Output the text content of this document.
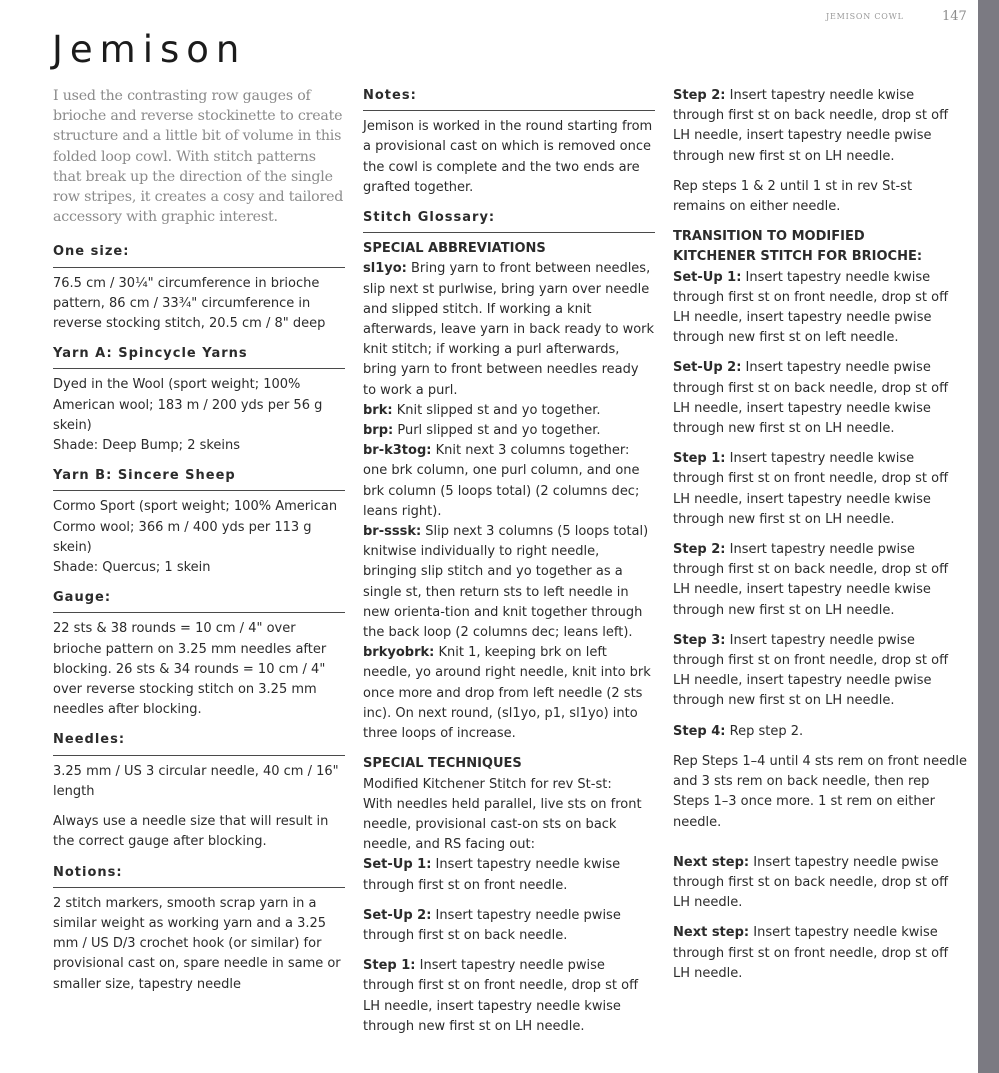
JEMISON COWL	147
Jemison

I used the contrasting row gauges of brioche and reverse stockinette to create structure and a little bit of volume in this folded loop cowl. With stitch patterns that break up the direction of the single row stripes, it creates a cosy and tailored accessory with graphic interest.

One size:

76.5 cm / 30¼" circumference in brioche pattern, 86 cm / 33¾" circumference in reverse stocking stitch, 20.5 cm / 8" deep

Yarn A: Spincycle Yarns

Dyed in the Wool (sport weight; 100% American wool; 183 m / 200 yds per 56 g skein)

Shade: Deep Bump; 2 skeins

Yarn B: Sincere Sheep

Cormo Sport (sport weight; 100% American Cormo wool; 366 m / 400 yds per 113 g skein)

Shade: Quercus; 1 skein

Gauge:

22 sts & 38 rounds = 10 cm / 4" over brioche pattern on 3.25 mm needles after blocking. 26 sts & 34 rounds = 10 cm / 4" over reverse stocking stitch on 3.25 mm needles after blocking.

Needles:

3.25 mm / US 3 circular needle, 40 cm / 16" length

Always use a needle size that will result in the correct gauge after blocking.

Notions:

2 stitch markers, smooth scrap yarn in a similar weight as working yarn and a 3.25 mm / US D/3 crochet hook (or similar) for provisional cast on, spare needle in same or smaller size, tapestry needle

Notes:

Jemison is worked in the round starting from a provisional cast on which is removed once the cowl is complete and the two ends are grafted together.

Stitch Glossary:
SPECIAL ABBREVIATIONS
sl1yo: Bring yarn to front between needles, slip next st purlwise, bring yarn over needle and slipped stitch. If working a knit afterwards, leave yarn in back ready to work knit stitch; if working a purl afterwards, bring yarn to front between needles ready to work a purl.
brk: Knit slipped st and yo together.
brp: Purl slipped st and yo together.
br-k3tog: Knit next 3 columns together: one brk column, one purl column, and one brk column (5 loops total) (2 columns dec; leans right).
br-sssk: Slip next 3 columns (5 loops total) knitwise individually to right needle, bringing slip stitch and yo together as a single st, then return sts to left needle in new orienta-tion and knit together through the back loop (2 columns dec; leans left).
brkyobrk: Knit 1, keeping brk on left needle, yo around right needle, knit into brk once more and drop from left needle (2 sts inc). On next round, (sl1yo, p1, sl1yo) into three loops of increase.
SPECIAL TECHNIQUES
Modified Kitchener Stitch for rev St-st:
With needles held parallel, live sts on front needle, provisional cast-on sts on back needle, and RS facing out:

Set-Up 1: Insert tapestry needle kwise through first st on front needle.

Set-Up 2: Insert tapestry needle pwise through first st on back needle.

Step 1: Insert tapestry needle pwise through first st on front needle, drop st off LH needle, insert tapestry needle kwise through new first st on LH needle.

Step 2: Insert tapestry needle kwise through first st on back needle, drop st off LH needle, insert tapestry needle pwise through new first st on LH needle.

Rep steps 1 & 2 until 1 st in rev St-st remains on either needle.

TRANSITION TO MODIFIED
KITCHENER STITCH FOR BRIOCHE:

Set-Up 1: Insert tapestry needle kwise through first st on front needle, drop st off LH needle, insert tapestry needle pwise through new first st on left needle.

Set-Up 2: Insert tapestry needle pwise through first st on back needle, drop st off LH needle, insert tapestry needle kwise through new first st on LH needle.

Step 1: Insert tapestry needle kwise through first st on front needle, drop st off LH needle, insert tapestry needle kwise through new first st on LH needle.

Step 2: Insert tapestry needle pwise through first st on back needle, drop st off LH needle, insert tapestry needle kwise through new first st on LH needle.

Step 3: Insert tapestry needle pwise through first st on front needle, drop st off LH needle, insert tapestry needle pwise through new first st on LH needle.

Step 4: Rep step 2.

Rep Steps 1–4 until 4 sts rem on front needle and 3 sts rem on back needle, then rep Steps 1–3 once more. 1 st rem on either needle.

Next step: Insert tapestry needle pwise through first st on back needle, drop st off LH needle.

Next step: Insert tapestry needle kwise through first st on front needle, drop st off LH needle.
